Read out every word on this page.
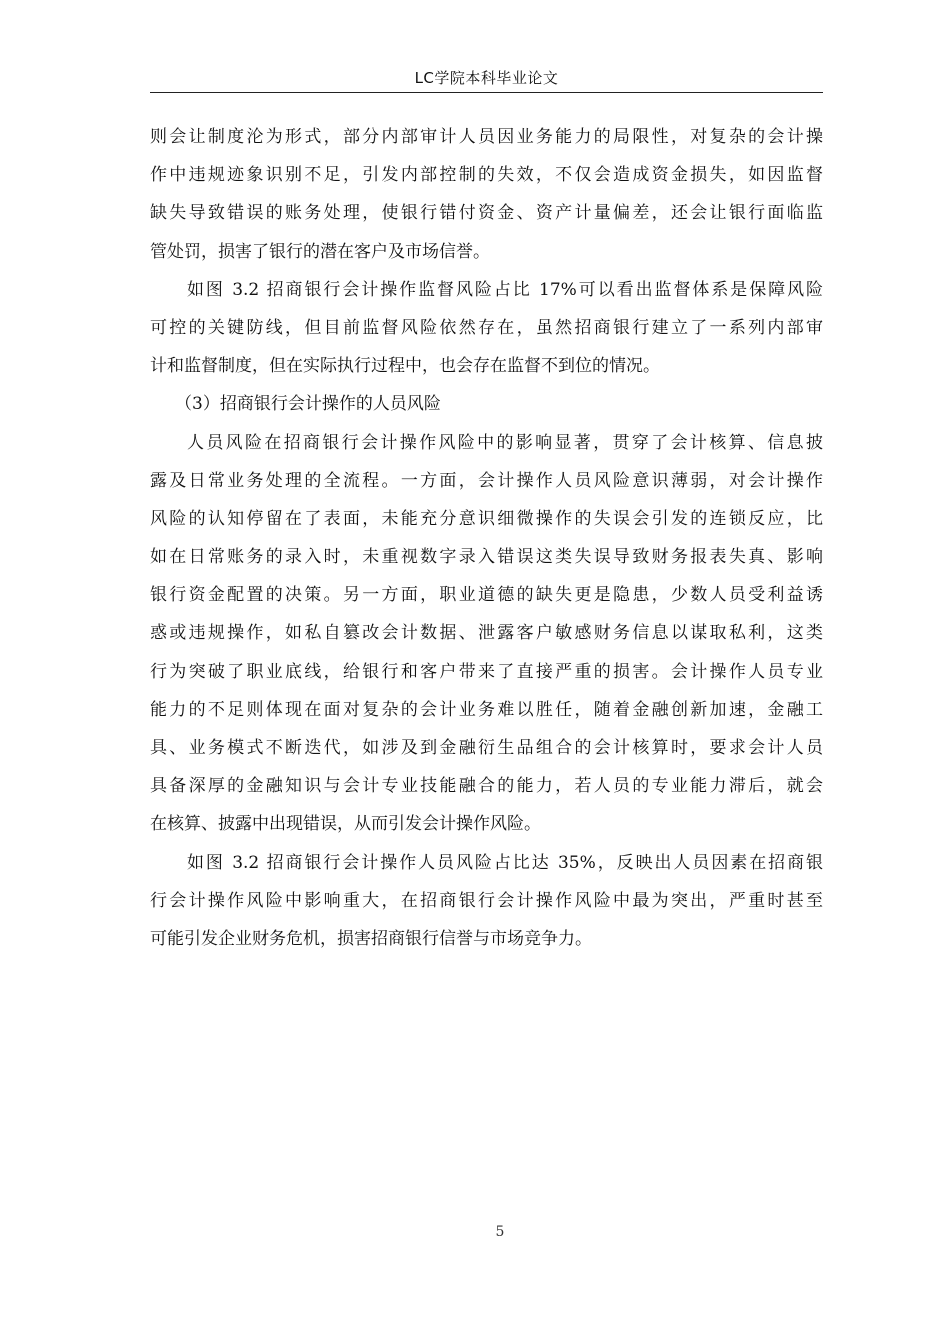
LC学院本科毕业论文
则会让制度沦为形式，部分内部审计人员因业务能力的局限性，对复杂的会计操
作中违规迹象识别不足，引发内部控制的失效，不仅会造成资金损失，如因监督
缺失导致错误的账务处理，使银行错付资金、资产计量偏差，还会让银行面临监
管处罚，损害了银行的潜在客户及市场信誉。
如图 3.2 招商银行会计操作监督风险占比 17%可以看出监督体系是保障风险
可控的关键防线，但目前监督风险依然存在，虽然招商银行建立了一系列内部审
计和监督制度，但在实际执行过程中，也会存在监督不到位的情况。
（3）招商银行会计操作的人员风险
人员风险在招商银行会计操作风险中的影响显著，贯穿了会计核算、信息披
露及日常业务处理的全流程。一方面，会计操作人员风险意识薄弱，对会计操作
风险的认知停留在了表面，未能充分意识细微操作的失误会引发的连锁反应，比
如在日常账务的录入时，未重视数字录入错误这类失误导致财务报表失真、影响
银行资金配置的决策。另一方面，职业道德的缺失更是隐患，少数人员受利益诱
惑或违规操作，如私自篡改会计数据、泄露客户敏感财务信息以谋取私利，这类
行为突破了职业底线，给银行和客户带来了直接严重的损害。会计操作人员专业
能力的不足则体现在面对复杂的会计业务难以胜任，随着金融创新加速，金融工
具、业务模式不断迭代，如涉及到金融衍生品组合的会计核算时，要求会计人员
具备深厚的金融知识与会计专业技能融合的能力，若人员的专业能力滞后，就会
在核算、披露中出现错误，从而引发会计操作风险。
如图 3.2 招商银行会计操作人员风险占比达 35%，反映出人员因素在招商银
行会计操作风险中影响重大，在招商银行会计操作风险中最为突出，严重时甚至
可能引发企业财务危机，损害招商银行信誉与市场竞争力。
5
